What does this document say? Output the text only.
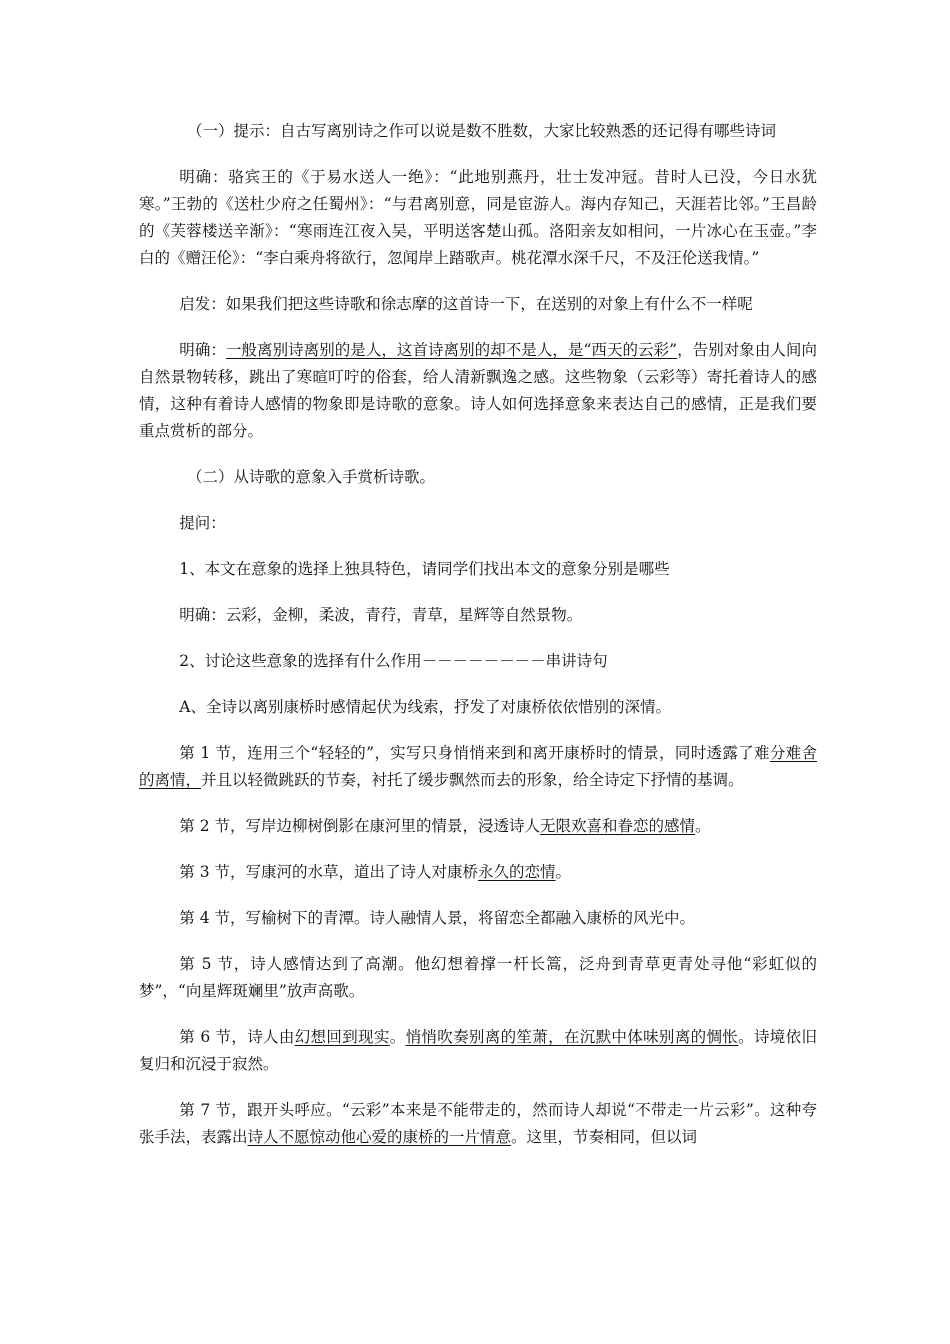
（一）提示：自古写离别诗之作可以说是数不胜数，大家比较熟悉的还记得有哪些诗词

明确：骆宾王的《于易水送人一绝》：“此地别燕丹，壮士发冲冠。昔时人已没，今日水犹寒。”王勃的《送杜少府之任蜀州》：“与君离别意，同是宦游人。海内存知己，天涯若比邻。”王昌龄的《芙蓉楼送辛渐》：“寒雨连江夜入吴，平明送客楚山孤。洛阳亲友如相问，一片冰心在玉壶。”李白的《赠汪伦》：“李白乘舟将欲行，忽闻岸上踏歌声。桃花潭水深千尺，不及汪伦送我情。”

启发：如果我们把这些诗歌和徐志摩的这首诗一下，在送别的对象上有什么不一样呢

明确：一般离别诗离别的是人，这首诗离别的却不是人，是“西天的云彩”，告别对象由人间向自然景物转移，跳出了寒暄叮咛的俗套，给人清新飘逸之感。这些物象（云彩等）寄托着诗人的感情，这种有着诗人感情的物象即是诗歌的意象。诗人如何选择意象来表达自己的感情，正是我们要重点赏析的部分。

（二）从诗歌的意象入手赏析诗歌。

提问：

1、本文在意象的选择上独具特色，请同学们找出本文的意象分别是哪些

明确：云彩，金柳，柔波，青荇，青草，星辉等自然景物。

2、讨论这些意象的选择有什么作用－－－－－－－－串讲诗句

A、全诗以离别康桥时感情起伏为线索，抒发了对康桥依依惜别的深情。

第 1 节，连用三个“轻轻的”，实写只身悄悄来到和离开康桥时的情景，同时透露了难分难舍的离情，并且以轻微跳跃的节奏，衬托了缓步飘然而去的形象，给全诗定下抒情的基调。

第 2 节，写岸边柳树倒影在康河里的情景，浸透诗人无限欢喜和眷恋的感情。

第 3 节，写康河的水草，道出了诗人对康桥永久的恋情。

第 4 节，写榆树下的青潭。诗人融情人景，将留恋全都融入康桥的风光中。

第 5 节，诗人感情达到了高潮。他幻想着撑一杆长篙，泛舟到青草更青处寻他“彩虹似的梦”，“向星辉斑斓里”放声高歌。

第 6 节，诗人由幻想回到现实。悄悄吹奏别离的笙萧，在沉默中体味别离的惆怅。诗境依旧复归和沉浸于寂然。

第 7 节，跟开头呼应。“云彩”本来是不能带走的，然而诗人却说“不带走一片云彩”。这种夸张手法，表露出诗人不愿惊动他心爱的康桥的一片情意。这里，节奏相同，但以词
